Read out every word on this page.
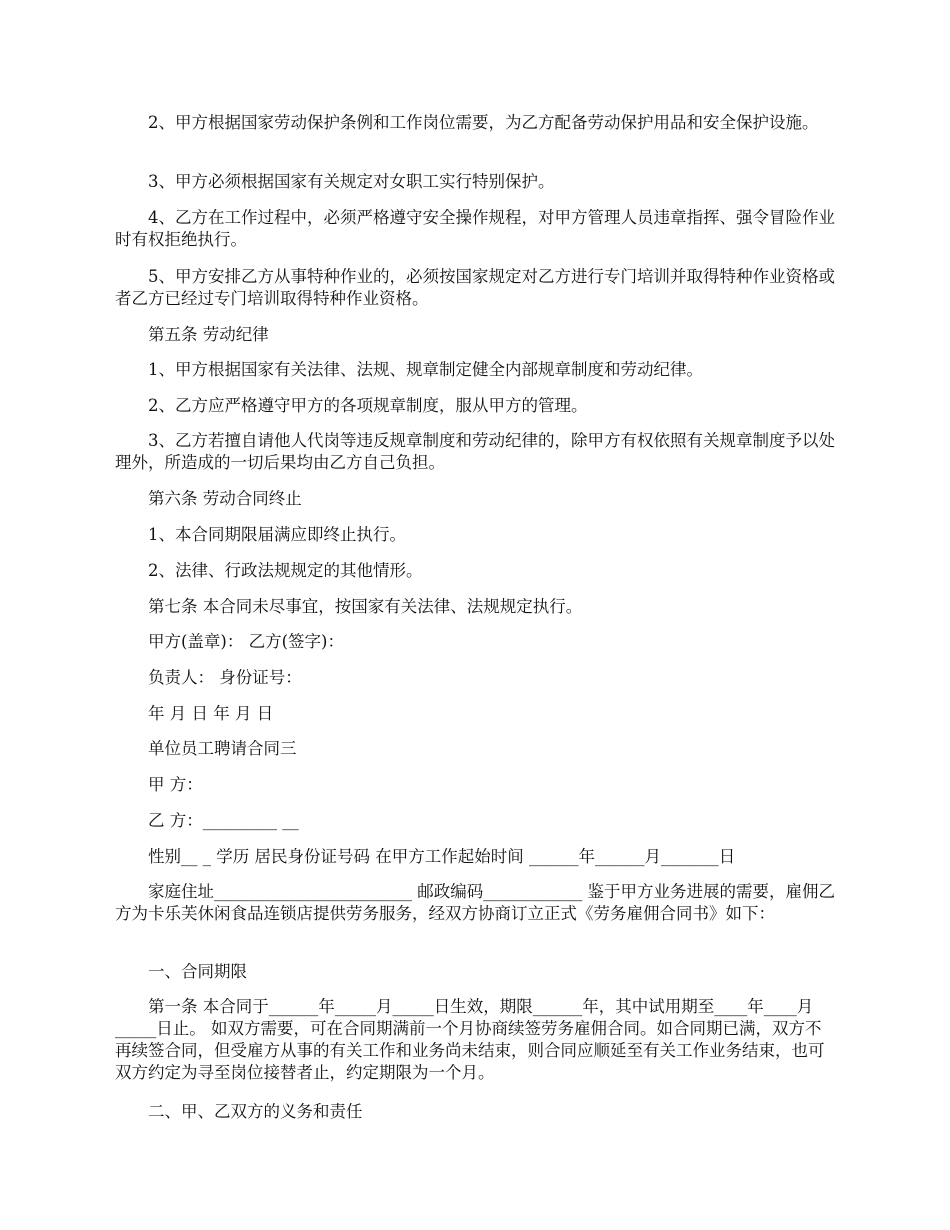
2、甲方根据国家劳动保护条例和工作岗位需要，为乙方配备劳动保护用品和安全保护设施。

3、甲方必须根据国家有关规定对女职工实行特别保护。

4、乙方在工作过程中，必须严格遵守安全操作规程，对甲方管理人员违章指挥、强令冒险作业时有权拒绝执行。

5、甲方安排乙方从事特种作业的，必须按国家规定对乙方进行专门培训并取得特种作业资格或者乙方已经过专门培训取得特种作业资格。

第五条 劳动纪律

1、甲方根据国家有关法律、法规、规章制定健全内部规章制度和劳动纪律。

2、乙方应严格遵守甲方的各项规章制度，服从甲方的管理。

3、乙方若擅自请他人代岗等违反规章制度和劳动纪律的，除甲方有权依照有关规章制度予以处理外，所造成的一切后果均由乙方自己负担。

第六条 劳动合同终止

1、本合同期限届满应即终止执行。

2、法律、行政法规规定的其他情形。

第七条 本合同未尽事宜，按国家有关法律、法规规定执行。

甲方(盖章)： 乙方(签字)：

负责人： 身份证号：

年 月 日 年 月 日

单位员工聘请合同三

甲 方：

乙 方：_________ __

性别__ _ 学历 居民身份证号码 在甲方工作起始时间 ______年______月_______日

家庭住址________________________ 邮政编码____________ 鉴于甲方业务进展的需要，雇佣乙方为卡乐芙休闲食品连锁店提供劳务服务，经双方协商订立正式《劳务雇佣合同书》如下：

一、合同期限

第一条 本合同于______年_____月_____日生效，期限______年，其中试用期至____年____月_____日止。 如双方需要，可在合同期满前一个月协商续签劳务雇佣合同。如合同期已满，双方不再续签合同，但受雇方从事的有关工作和业务尚未结束，则合同应顺延至有关工作业务结束，也可双方约定为寻至岗位接替者止，约定期限为一个月。

二、甲、乙双方的义务和责任
